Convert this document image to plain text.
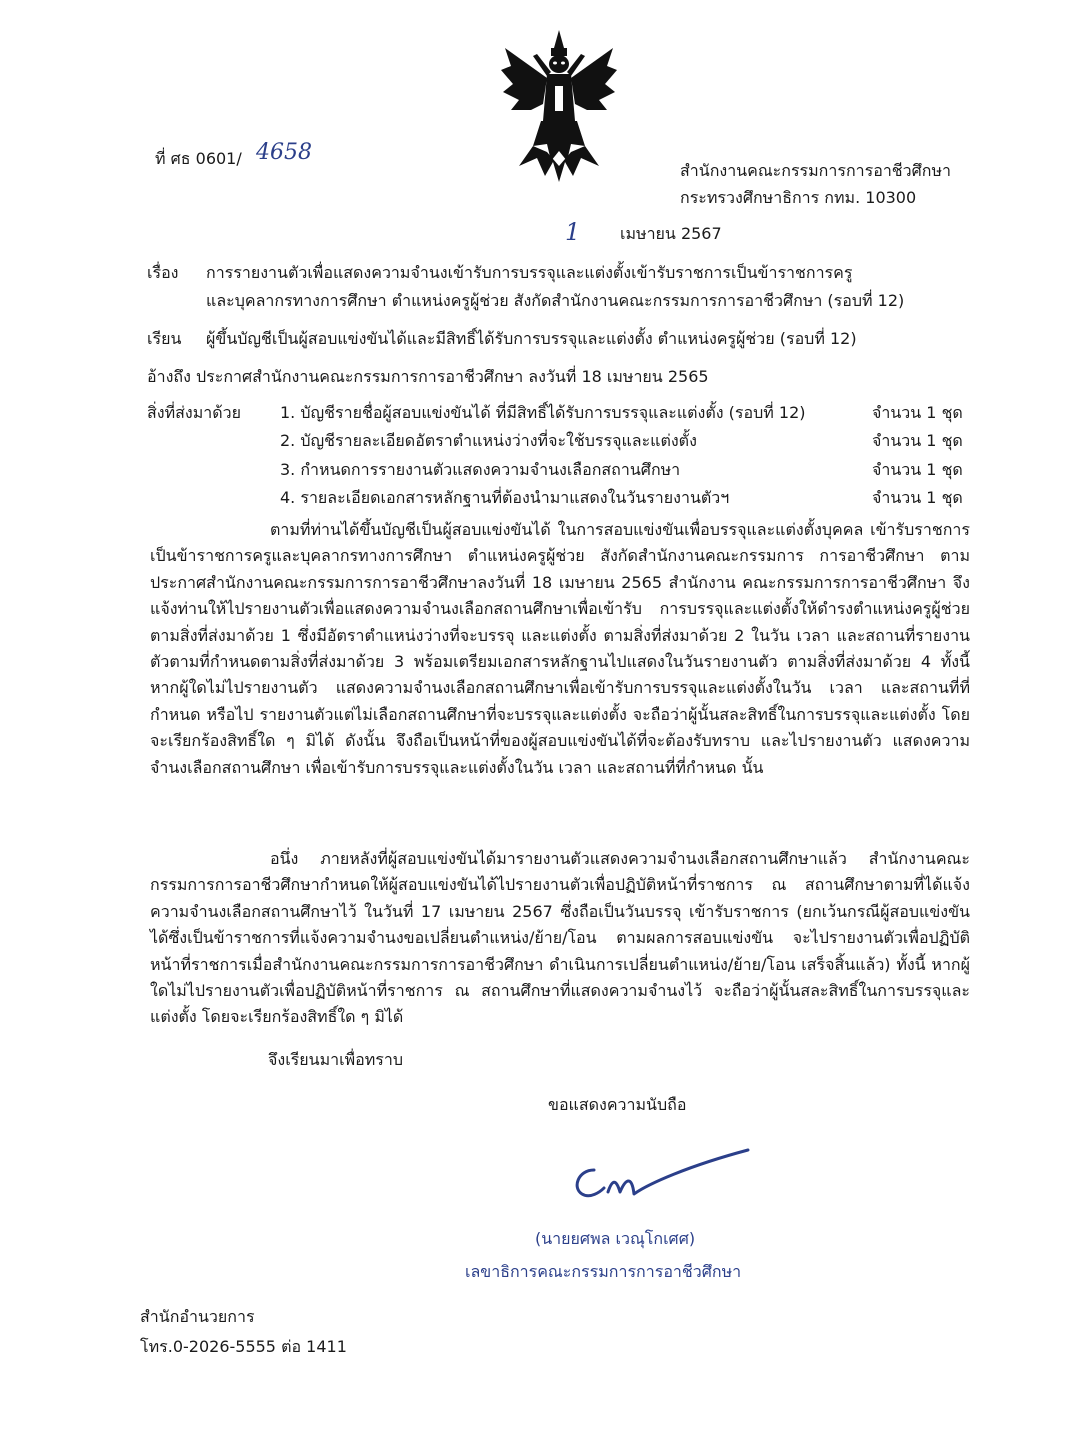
ที่ ศธ 0601/ 4658
สำนักงานคณะกรรมการการอาชีวศึกษา
กระทรวงศึกษาธิการ กทม. 10300
1 เมษายน 2567
เรื่อง การรายงานตัวเพื่อแสดงความจำนงเข้ารับการบรรจุและแต่งตั้งเข้ารับราชการเป็นข้าราชการครู
และบุคลากรทางการศึกษา ตำแหน่งครูผู้ช่วย สังกัดสำนักงานคณะกรรมการการอาชีวศึกษา (รอบที่ 12)
เรียน ผู้ขึ้นบัญชีเป็นผู้สอบแข่งขันได้และมีสิทธิ์ได้รับการบรรจุและแต่งตั้ง ตำแหน่งครูผู้ช่วย (รอบที่ 12)
อ้างถึง ประกาศสำนักงานคณะกรรมการการอาชีวศึกษา ลงวันที่ 18 เมษายน 2565
สิ่งที่ส่งมาด้วย 1. บัญชีรายชื่อผู้สอบแข่งขันได้ ที่มีสิทธิ์ได้รับการบรรจุและแต่งตั้ง (รอบที่ 12)	จำนวน 1 ชุด
2. บัญชีรายละเอียดอัตราตำแหน่งว่างที่จะใช้บรรจุและแต่งตั้ง	จำนวน 1 ชุด
3. กำหนดการรายงานตัวแสดงความจำนงเลือกสถานศึกษา	จำนวน 1 ชุด
4. รายละเอียดเอกสารหลักฐานที่ต้องนำมาแสดงในวันรายงานตัวฯ	จำนวน 1 ชุด
ตามที่ท่านได้ขึ้นบัญชีเป็นผู้สอบแข่งขันได้ ในการสอบแข่งขันเพื่อบรรจุและแต่งตั้งบุคคล เข้ารับราชการเป็นข้าราชการครูและบุคลากรทางการศึกษา ตำแหน่งครูผู้ช่วย สังกัดสำนักงานคณะกรรมการ การอาชีวศึกษา ตามประกาศสำนักงานคณะกรรมการการอาชีวศึกษาลงวันที่ 18 เมษายน 2565 สำนักงาน คณะกรรมการการอาชีวศึกษา จึงแจ้งท่านให้ไปรายงานตัวเพื่อแสดงความจำนงเลือกสถานศึกษาเพื่อเข้ารับ การบรรจุและแต่งตั้งให้ดำรงตำแหน่งครูผู้ช่วย ตามสิ่งที่ส่งมาด้วย 1 ซึ่งมีอัตราตำแหน่งว่างที่จะบรรจุ และแต่งตั้ง ตามสิ่งที่ส่งมาด้วย 2 ในวัน เวลา และสถานที่รายงานตัวตามที่กำหนดตามสิ่งที่ส่งมาด้วย 3 พร้อมเตรียมเอกสารหลักฐานไปแสดงในวันรายงานตัว ตามสิ่งที่ส่งมาด้วย 4 ทั้งนี้ หากผู้ใดไม่ไปรายงานตัว แสดงความจำนงเลือกสถานศึกษาเพื่อเข้ารับการบรรจุและแต่งตั้งในวัน เวลา และสถานที่ที่กำหนด หรือไป รายงานตัวแต่ไม่เลือกสถานศึกษาที่จะบรรจุและแต่งตั้ง จะถือว่าผู้นั้นสละสิทธิ์ในการบรรจุและแต่งตั้ง โดยจะเรียกร้องสิทธิ์ใด ๆ มิได้ ดังนั้น จึงถือเป็นหน้าที่ของผู้สอบแข่งขันได้ที่จะต้องรับทราบ และไปรายงานตัว แสดงความจำนงเลือกสถานศึกษา เพื่อเข้ารับการบรรจุและแต่งตั้งในวัน เวลา และสถานที่ที่กำหนด นั้น
อนึ่ง ภายหลังที่ผู้สอบแข่งขันได้มารายงานตัวแสดงความจำนงเลือกสถานศึกษาแล้ว สำนักงานคณะกรรมการการอาชีวศึกษากำหนดให้ผู้สอบแข่งขันได้ไปรายงานตัวเพื่อปฏิบัติหน้าที่ราชการ ณ สถานศึกษาตามที่ได้แจ้งความจำนงเลือกสถานศึกษาไว้ ในวันที่ 17 เมษายน 2567 ซึ่งถือเป็นวันบรรจุ เข้ารับราชการ (ยกเว้นกรณีผู้สอบแข่งขันได้ซึ่งเป็นข้าราชการที่แจ้งความจำนงขอเปลี่ยนตำแหน่ง/ย้าย/โอน ตามผลการสอบแข่งขัน จะไปรายงานตัวเพื่อปฏิบัติหน้าที่ราชการเมื่อสำนักงานคณะกรรมการการอาชีวศึกษา ดำเนินการเปลี่ยนตำแหน่ง/ย้าย/โอน เสร็จสิ้นแล้ว) ทั้งนี้ หากผู้ใดไม่ไปรายงานตัวเพื่อปฏิบัติหน้าที่ราชการ ณ สถานศึกษาที่แสดงความจำนงไว้ จะถือว่าผู้นั้นสละสิทธิ์ในการบรรจุและแต่งตั้ง โดยจะเรียกร้องสิทธิ์ใด ๆ มิได้
จึงเรียนมาเพื่อทราบ
ขอแสดงความนับถือ
(นายยศพล เวณุโกเศศ)
เลขาธิการคณะกรรมการการอาชีวศึกษา
สำนักอำนวยการ
โทร.0-2026-5555 ต่อ 1411
